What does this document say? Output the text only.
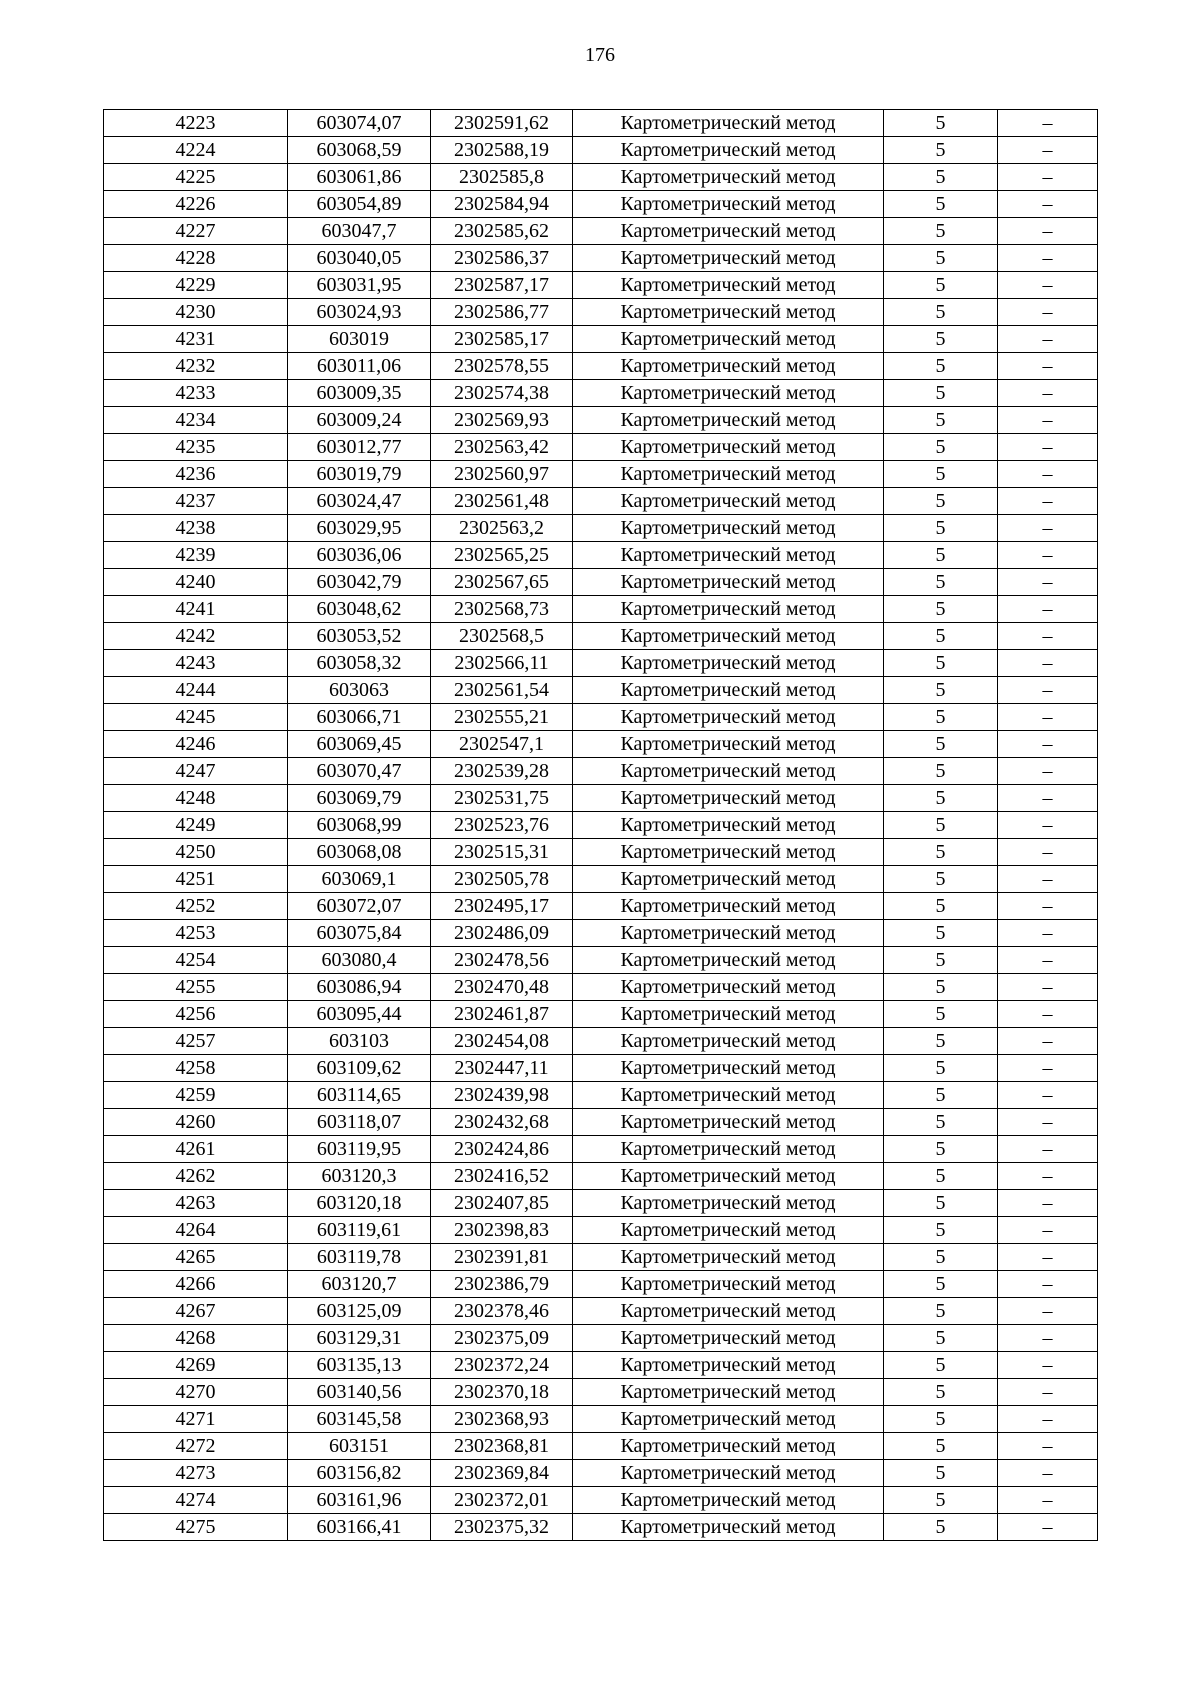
176
4223	603074,07	2302591,62	Картометрический метод	5	–
4224	603068,59	2302588,19	Картометрический метод	5	–
4225	603061,86	2302585,8	Картометрический метод	5	–
4226	603054,89	2302584,94	Картометрический метод	5	–
4227	603047,7	2302585,62	Картометрический метод	5	–
4228	603040,05	2302586,37	Картометрический метод	5	–
4229	603031,95	2302587,17	Картометрический метод	5	–
4230	603024,93	2302586,77	Картометрический метод	5	–
4231	603019	2302585,17	Картометрический метод	5	–
4232	603011,06	2302578,55	Картометрический метод	5	–
4233	603009,35	2302574,38	Картометрический метод	5	–
4234	603009,24	2302569,93	Картометрический метод	5	–
4235	603012,77	2302563,42	Картометрический метод	5	–
4236	603019,79	2302560,97	Картометрический метод	5	–
4237	603024,47	2302561,48	Картометрический метод	5	–
4238	603029,95	2302563,2	Картометрический метод	5	–
4239	603036,06	2302565,25	Картометрический метод	5	–
4240	603042,79	2302567,65	Картометрический метод	5	–
4241	603048,62	2302568,73	Картометрический метод	5	–
4242	603053,52	2302568,5	Картометрический метод	5	–
4243	603058,32	2302566,11	Картометрический метод	5	–
4244	603063	2302561,54	Картометрический метод	5	–
4245	603066,71	2302555,21	Картометрический метод	5	–
4246	603069,45	2302547,1	Картометрический метод	5	–
4247	603070,47	2302539,28	Картометрический метод	5	–
4248	603069,79	2302531,75	Картометрический метод	5	–
4249	603068,99	2302523,76	Картометрический метод	5	–
4250	603068,08	2302515,31	Картометрический метод	5	–
4251	603069,1	2302505,78	Картометрический метод	5	–
4252	603072,07	2302495,17	Картометрический метод	5	–
4253	603075,84	2302486,09	Картометрический метод	5	–
4254	603080,4	2302478,56	Картометрический метод	5	–
4255	603086,94	2302470,48	Картометрический метод	5	–
4256	603095,44	2302461,87	Картометрический метод	5	–
4257	603103	2302454,08	Картометрический метод	5	–
4258	603109,62	2302447,11	Картометрический метод	5	–
4259	603114,65	2302439,98	Картометрический метод	5	–
4260	603118,07	2302432,68	Картометрический метод	5	–
4261	603119,95	2302424,86	Картометрический метод	5	–
4262	603120,3	2302416,52	Картометрический метод	5	–
4263	603120,18	2302407,85	Картометрический метод	5	–
4264	603119,61	2302398,83	Картометрический метод	5	–
4265	603119,78	2302391,81	Картометрический метод	5	–
4266	603120,7	2302386,79	Картометрический метод	5	–
4267	603125,09	2302378,46	Картометрический метод	5	–
4268	603129,31	2302375,09	Картометрический метод	5	–
4269	603135,13	2302372,24	Картометрический метод	5	–
4270	603140,56	2302370,18	Картометрический метод	5	–
4271	603145,58	2302368,93	Картометрический метод	5	–
4272	603151	2302368,81	Картометрический метод	5	–
4273	603156,82	2302369,84	Картометрический метод	5	–
4274	603161,96	2302372,01	Картометрический метод	5	–
4275	603166,41	2302375,32	Картометрический метод	5	–
